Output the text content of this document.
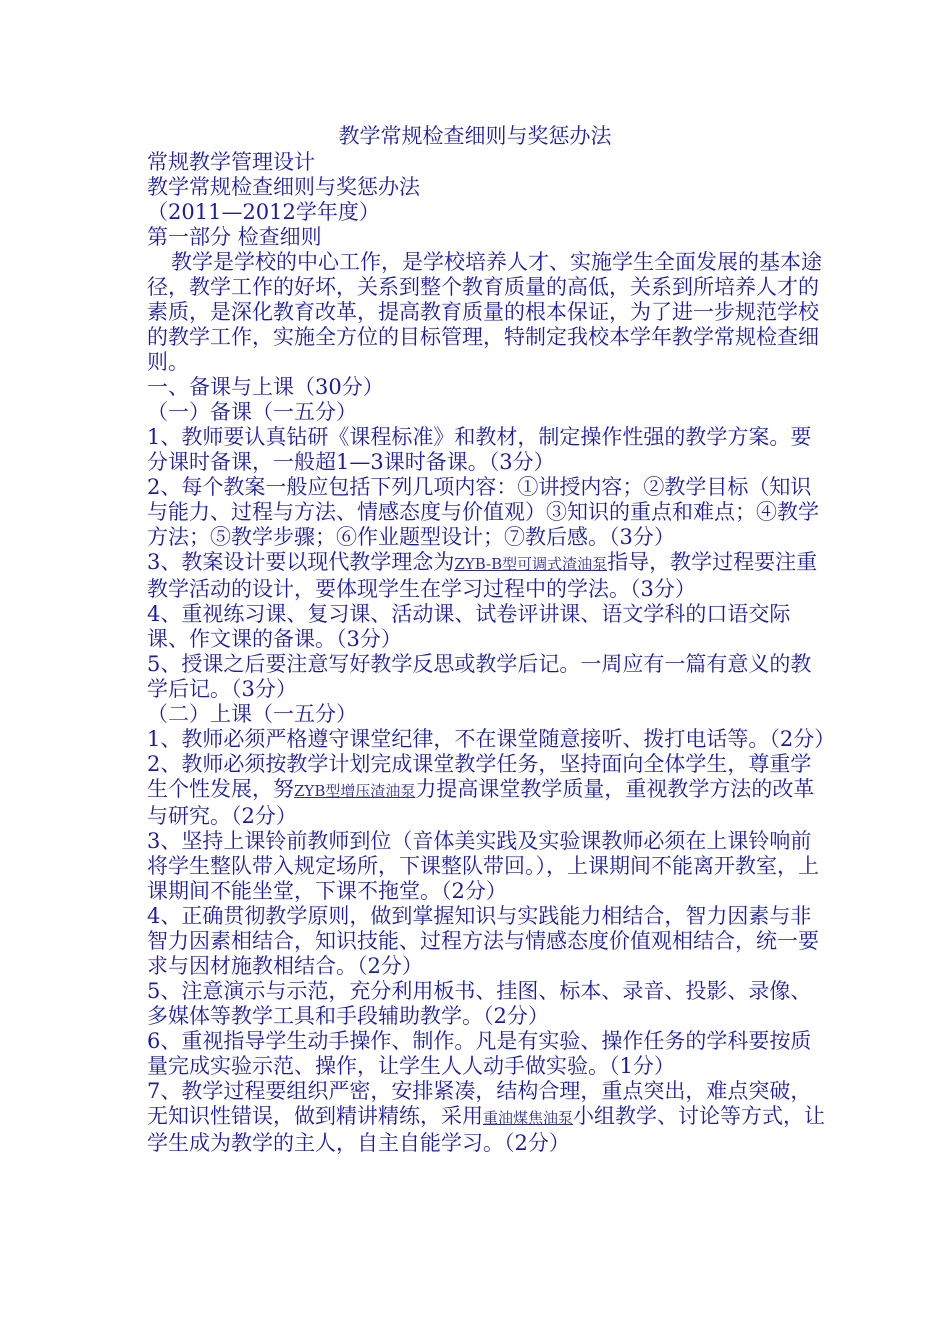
教学常规检查细则与奖惩办法

常规教学管理设计

教学常规检查细则与奖惩办法

（2011—2012学年度）

第一部分 检查细则

教学是学校的中心工作，是学校培养人才、实施学生全面发展的基本途径，教学工作的好坏，关系到整个教育质量的高低，关系到所培养人才的素质，是深化教育改革，提高教育质量的根本保证，为了进一步规范学校的教学工作，实施全方位的目标管理，特制定我校本学年教学常规检查细则。

一、备课与上课（30分）

（一）备课（一五分）

1、教师要认真钻研《课程标准》和教材，制定操作性强的教学方案。要分课时备课，一般超1—3课时备课。（3分）

2、每个教案一般应包括下列几项内容：①讲授内容；②教学目标（知识与能力、过程与方法、情感态度与价值观）③知识的重点和难点；④教学方法；⑤教学步骤；⑥作业题型设计；⑦教后感。（3分）

3、教案设计要以现代教学理念为ZYB-B型可调式渣油泵指导，教学过程要注重教学活动的设计，要体现学生在学习过程中的学法。（3分）

4、重视练习课、复习课、活动课、试卷评讲课、语文学科的口语交际课、作文课的备课。（3分）

5、授课之后要注意写好教学反思或教学后记。一周应有一篇有意义的教学后记。（3分）

（二）上课（一五分）

1、教师必须严格遵守课堂纪律，不在课堂随意接听、拨打电话等。（2分）

2、教师必须按教学计划完成课堂教学任务，坚持面向全体学生，尊重学生个性发展，努ZYB型增压渣油泵力提高课堂教学质量，重视教学方法的改革与研究。（2分）

3、坚持上课铃前教师到位（音体美实践及实验课教师必须在上课铃响前将学生整队带入规定场所，下课整队带回。），上课期间不能离开教室，上课期间不能坐堂，下课不拖堂。（2分）

4、正确贯彻教学原则，做到掌握知识与实践能力相结合，智力因素与非智力因素相结合，知识技能、过程方法与情感态度价值观相结合，统一要求与因材施教相结合。（2分）

5、注意演示与示范，充分利用板书、挂图、标本、录音、投影、录像、多媒体等教学工具和手段辅助教学。（2分）

6、重视指导学生动手操作、制作。凡是有实验、操作任务的学科要按质量完成实验示范、操作，让学生人人动手做实验。（1分）

7、教学过程要组织严密，安排紧凑，结构合理，重点突出，难点突破，无知识性错误，做到精讲精练，采用重油煤焦油泵小组教学、讨论等方式，让学生成为教学的主人，自主自能学习。（2分）
